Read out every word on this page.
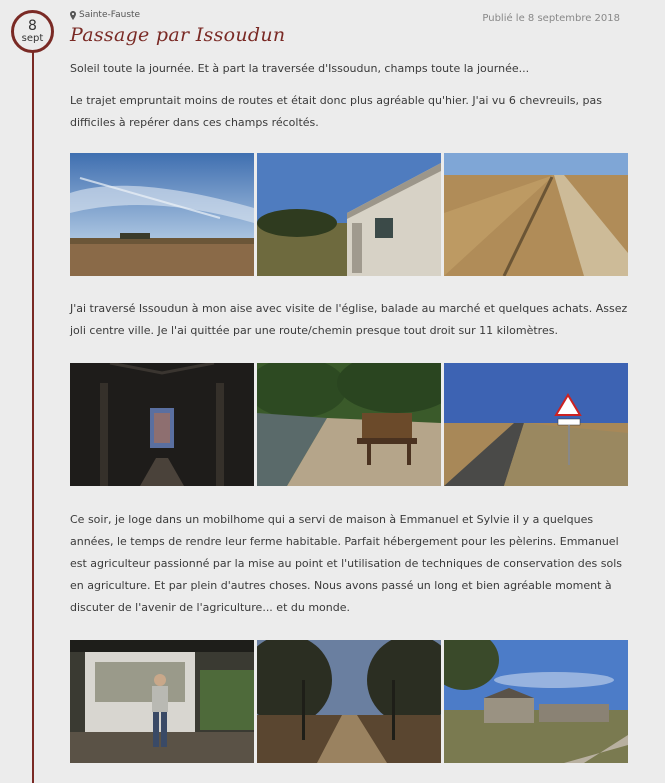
8
sept
Sainte-Fauste	Publié le 8 septembre 2018
Passage par Issoudun

Soleil toute la journée. Et à part la traversée d'Issoudun, champs toute la journée...

Le trajet empruntait moins de routes et était donc plus agréable qu'hier. J'ai vu 6 chevreuils, pas difficiles à repérer dans ces champs récoltés.

J'ai traversé Issoudun à mon aise avec visite de l'église, balade au marché et quelques achats. Assez joli centre ville. Je l'ai quittée par une route/chemin presque tout droit sur 11 kilomètres.

Ce soir, je loge dans un mobilhome qui a servi de maison à Emmanuel et Sylvie il y a quelques années, le temps de rendre leur ferme habitable. Parfait hébergement pour les pèlerins. Emmanuel est agriculteur passionné par la mise au point et l'utilisation de techniques de conservation des sols en agriculture. Et par plein d'autres choses. Nous avons passé un long et bien agréable moment à discuter de l'avenir de l'agriculture... et du monde.
